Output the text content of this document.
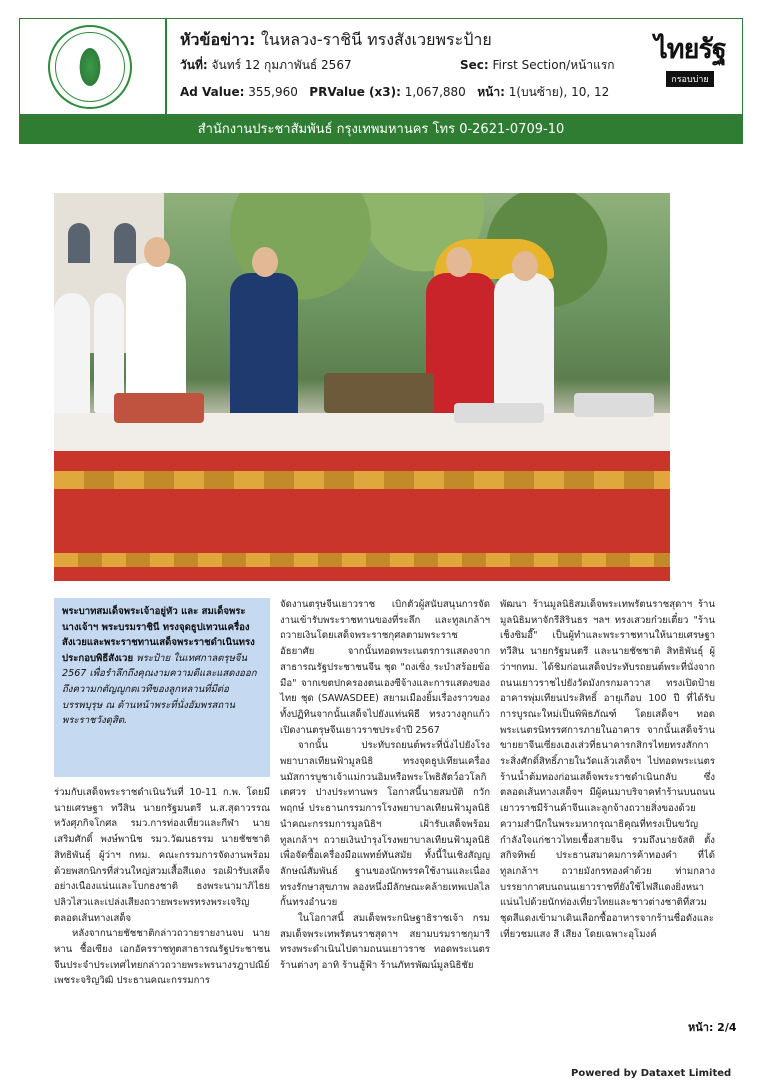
หัวข้อข่าว: ในหลวง-ราชินี ทรงสังเวยพระป้าย
วันที่: จันทร์ 12 กุมภาพันธ์ 2567	Sec: First Section/หน้าแรก
Ad Value: 355,960 PRValue (x3): 1,067,880 หน้า: 1(บนซ้าย), 10, 12
ไทยรัฐ
กรอบบ่าย
สำนักงานประชาสัมพันธ์ กรุงเทพมหานคร โทร 0-2621-0709-10
พระบาทสมเด็จพระเจ้าอยู่หัว และ สมเด็จพระนางเจ้าฯ พระบรมราชินี ทรงจุดธูปเทวนเครื่องสังเวยและพระราชทานเสด็จพระราชดำเนินทรงประกอบพิธีสังเวย พระป้าย ในเทศกาลตรุษจีน 2567 เพื่อรำลึกถึงคุณงามความดีและแสดงออกถึงความกตัญญูกตเวทีของลูกหลานที่มีต่อบรรพบุรุษ ณ ด้านหน้าพระที่นั่งอัมพรสถาน พระราชวังดุสิต.

ร่วมกับเสด็จพระราชดำเนินวันที่ 10-11 ก.พ. โดยมีนายเศรษฐา ทวีสิน นายกรัฐมนตรี น.ส.สุดาวรรณ หวังศุภกิจโกศล รมว.การท่องเที่ยวและกีฬา นายเสริมศักดิ์ พงษ์พานิช รมว.วัฒนธรรม นายชัชชาติ สิทธิพันธุ์ ผู้ว่าฯ กทม. คณะกรรมการจัดงานพร้อมด้วยพสกนิกรที่ส่วนใหญ่สวมเสื้อสีแดง รอเฝ้ารับเสด็จอย่างเนืองแน่นและโบกธงชาติ ธงพระนามาภิไธยปลิวไสวและเปล่งเสียงถวายพระพรทรงพระเจริญตลอดเส้นทางเสด็จ

หลังจากนายชัชชาติกล่าวถวายรายงานจบ นายหาน ชื้อเซียง เอกอัครราชทูตสาธารณรัฐประชาชนจีนประจำประเทศไทยกล่าวถวายพระพรนางรฎาปณีย์ เพชระจริญวิฒิ ประธานคณะกรรมการ

จัดงานตรุษจีนเยาวราช เบิกตัวผู้สนับสนุนการจัดงานเข้ารับพระราชทานของที่ระลึก และทูลเกล้าฯ ถวายเงินโดยเสด็จพระราชกุศลตามพระราชอัธยาศัย จากนั้นทอดพระเนตรการแสดงจากสาธารณรัฐประชาชนจีน ชุด "ถงเซิ่ง ระบำสร้อยข้อมือ" จากเขตปกครองตนเองซีจ้างและการแสดงของไทย ชุด (SAWASDEE) สยามเมืองยิ้มเรื่องราวของทั้งปฏิทินจากนั้นเสด็จไปยังแท่นพิธี ทรงวางลูกแก้วเปิดงานตรุษจีนเยาวราชประจำปี 2567

จากนั้น ประทับรถยนต์พระที่นั่งไปยังโรงพยาบาลเทียนฟ้ามูลนิธิ ทรงจุดธูปเทียนเครื่องนมัสการบูชาเจ้าแม่กวนอิมหรือพระโพธิสัตว์อวโลกิเตศวร ปางประทานพร โอกาสนี้นายสมบัติ กวักพฤกษ์ ประธานกรรมการโรงพยาบาลเทียนฟ้ามูลนิธิ นำคณะกรรมการมูลนิธิฯ เฝ้ารับเสด็จพร้อมทูลเกล้าฯ ถวายเงินบำรุงโรงพยาบาลเทียนฟ้ามูลนิธิเพื่อจัดซื้อเครื่องมือแพทย์ทันสมัย ทั้งนี้ในเชิงสัญญลักษณ์สัมพันธ์ ฐานของนักพรรคใช้งานและเนื่องทรงรักษาสุขภาพ ลองหนึ่งมีลักษณะคล้ายเทพเปลไลกั้นทรงอำนวย

ในโอกาสนี้ สมเด็จพระกนิษฐาธิราชเจ้า กรมสมเด็จพระเทพรัตนราชสุดาฯ สยามบรมราชกุมารี ทรงพระดำเนินไปตามถนนเยาวราช ทอดพระเนตรร้านต่างๆ อาทิ ร้านฮู้ฟ้า ร้านภัทรพัฒน์มูลนิธิชัย

พัฒนา ร้านมูลนิธิสมเด็จพระเทพรัตนราชสุดาฯ ร้านมูลนิธิมหาจักรีสิรินธร ฯลฯ ทรงเสวยก๋วยเตี๋ยว "ร้านเช็งซิมอี๊" เป็นผู้ทำและพระราชทานให้นายเศรษฐา ทวีสิน นายกรัฐมนตรี และนายชัชชาติ สิทธิพันธุ์ ผู้ว่าฯกทม. ได้ชิมก่อนเสด็จประทับรถยนต์พระที่นั่งจากถนนเยาวราชไปยังวัดมังกรกมลาวาส ทรงเปิดป้ายอาคารพุ่มเทียนประสิทธิ์ อายุเกือบ 100 ปี ที่ได้รับการบูรณะใหม่เป็นพิพิธภัณฑ์ โดยเสด็จฯ ทอดพระเนตรนิทรรศการภายในอาคาร จากนั้นเสด็จร้านขายยาจีนเซี่ยงเฮงเส่วที่ธนาคารกสิกรไทยทรงสักการะสิ่งศักดิ์สิทธิ์ภายในวัดแล้วเสด็จฯ ไปทอดพระเนตรร้านน้ำต้มทองก่อนเสด็จพระราชดำเนินกลับ ซึ่งตลอดเส้นทางเสด็จฯ มีผู้คนมาบริจาคทำร้านบนถนนเยาวราชมีร้านค้าจีนและลูกจ้างถวายสิ่งของด้วยความสำนึกในพระมหากรุณาธิคุณที่ทรงเป็นขวัญกำลังใจแก่ชาวไทยเชื้อสายจีน รวมถึงนายจัสติ ตั้งสกิจทิพย์ ประธานสมาคมการค้าทองคำ ที่ได้ทูลเกล้าฯ ถวายมังกรทองคำด้วย ท่ามกลางบรรยากาศบนถนนเยาวราชที่ยังใช้ไฟสีแดงยิ่งหนาแน่นไปด้วยนักท่องเที่ยวไทยและชาวต่างชาติที่สวมชุดสีแดงเข้ามาเดินเลือกซื้ออาหารจากร้านชื่อดังและเที่ยวชมแสง สี เสียง โดยเฉพาะอุโมงค์

หน้า: 2/4
Powered by Dataxet Limited
